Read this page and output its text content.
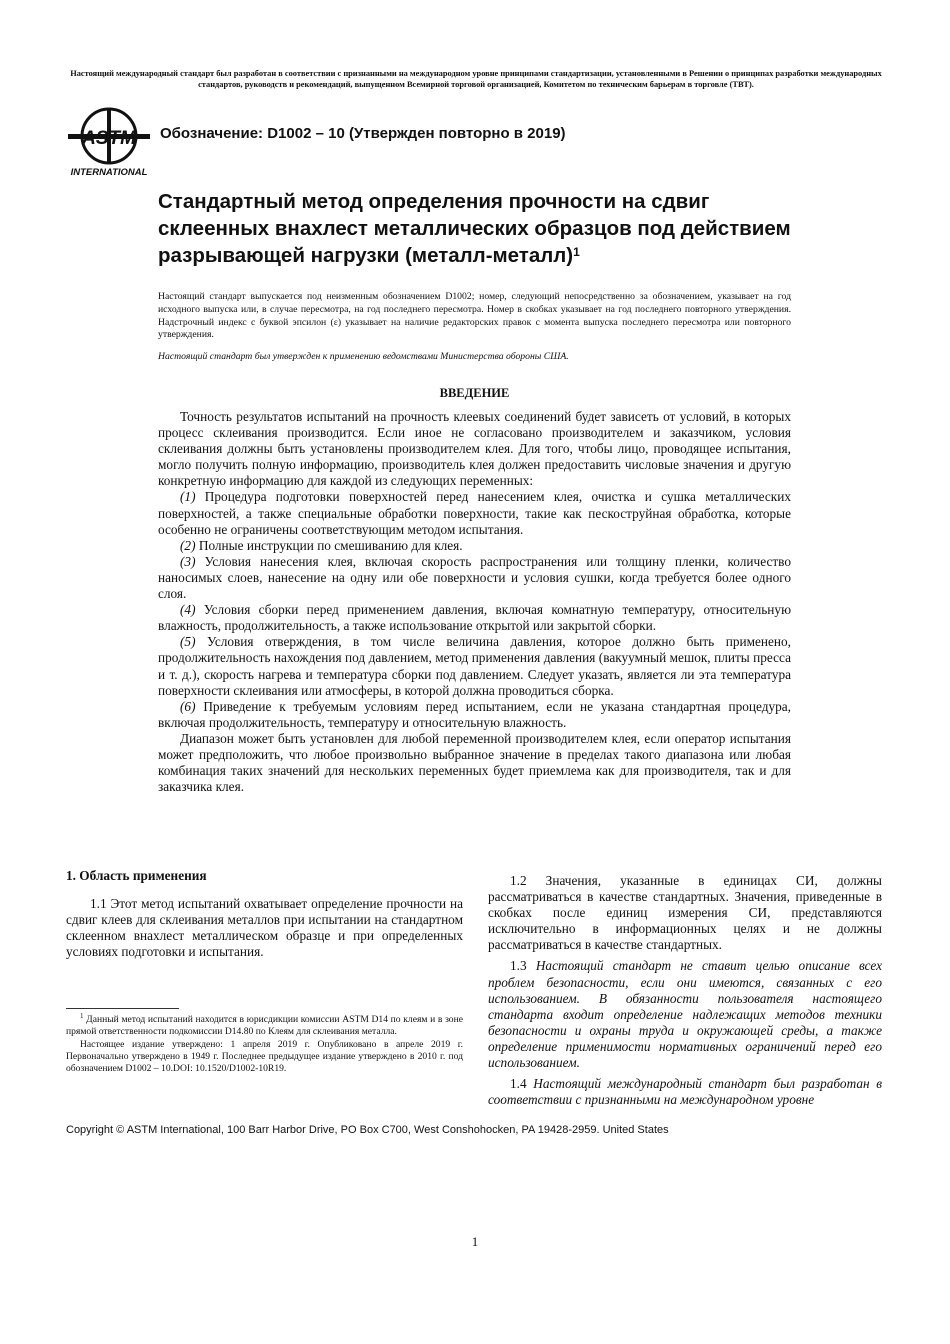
Настоящий международный стандарт был разработан в соответствии с признанными на международном уровне принципами стандартизации, установленными в Решении о принципах разработки международных стандартов, руководств и рекомендаций, выпущенном Всемирной торговой организацией, Комитетом по техническим барьерам в торговле (ТВТ).
ASTM
INTERNATIONAL
Обозначение: D1002 – 10 (Утвержден повторно в 2019)
Стандартный метод определения прочности на сдвиг склеенных внахлест металлических образцов под действием разрывающей нагрузки (металл-металл)$^1$

Настоящий стандарт выпускается под неизменным обозначением D1002; номер, следующий непосредственно за обозначением, указывает на год исходного выпуска или, в случае пересмотра, на год последнего пересмотра. Номер в скобках указывает на год последнего повторного утверждения. Надстрочный индекс с буквой эпсилон (ε) указывает на наличие редакторских правок с момента выпуска последнего пересмотра или повторного утверждения.

Настоящий стандарт был утвержден к применению ведомствами Министерства обороны США.

ВВЕДЕНИЕ

Точность результатов испытаний на прочность клеевых соединений будет зависеть от условий, в которых процесс склеивания производится. Если иное не согласовано производителем и заказчиком, условия склеивания должны быть установлены производителем клея. Для того, чтобы лицо, проводящее испытания, могло получить полную информацию, производитель клея должен предоставить числовые значения и другую конкретную информацию для каждой из следующих переменных:

(1) Процедура подготовки поверхностей перед нанесением клея, очистка и сушка металлических поверхностей, а также специальные обработки поверхности, такие как пескоструйная обработка, которые особенно не ограничены соответствующим методом испытания.

(2) Полные инструкции по смешиванию для клея.

(3) Условия нанесения клея, включая скорость распространения или толщину пленки, количество наносимых слоев, нанесение на одну или обе поверхности и условия сушки, когда требуется более одного слоя.

(4) Условия сборки перед применением давления, включая комнатную температуру, относительную влажность, продолжительность, а также использование открытой или закрытой сборки.

(5) Условия отверждения, в том числе величина давления, которое должно быть применено, продолжительность нахождения под давлением, метод применения давления (вакуумный мешок, плиты пресса и т. д.), скорость нагрева и температура сборки под давлением. Следует указать, является ли эта температура поверхности склеивания или атмосферы, в которой должна проводиться сборка.

(6) Приведение к требуемым условиям перед испытанием, если не указана стандартная процедура, включая продолжительность, температуру и относительную влажность.

Диапазон может быть установлен для любой переменной производителем клея, если оператор испытания может предположить, что любое произвольно выбранное значение в пределах такого диапазона или любая комбинация таких значений для нескольких переменных будет приемлема как для производителя, так и для заказчика клея.

1. Область применения

1.1 Этот метод испытаний охватывает определение прочности на сдвиг клеев для склеивания металлов при испытании на стандартном склеенном внахлест металлическом образце и при определенных условиях подготовки и испытания.

$^1$ Данный метод испытаний находится в юрисдикции комиссии ASTM D14 по клеям и в зоне прямой ответственности подкомиссии D14.80 по Клеям для склеивания металла.

Настоящее издание утверждено: 1 апреля 2019 г. Опубликовано в апреле 2019 г. Первоначально утверждено в 1949 г. Последнее предыдущее издание утверждено в 2010 г. под обозначением D1002 – 10.DOI: 10.1520/D1002-10R19.

1.2 Значения, указанные в единицах СИ, должны рассматриваться в качестве стандартных. Значения, приведенные в скобках после единиц измерения СИ, представляются исключительно в информационных целях и не должны рассматриваться в качестве стандартных.

1.3 Настоящий стандарт не ставит целью описание всех проблем безопасности, если они имеются, связанных с его использованием. В обязанности пользователя настоящего стандарта входит определение надлежащих методов техники безопасности и охраны труда и окружающей среды, а также определение применимости нормативных ограничений перед его использованием.

1.4 Настоящий международный стандарт был разработан в соответствии с признанными на международном уровне

Copyright © ASTM International, 100 Barr Harbor Drive, PO Box C700, West Conshohocken, PA 19428-2959. United States
1
